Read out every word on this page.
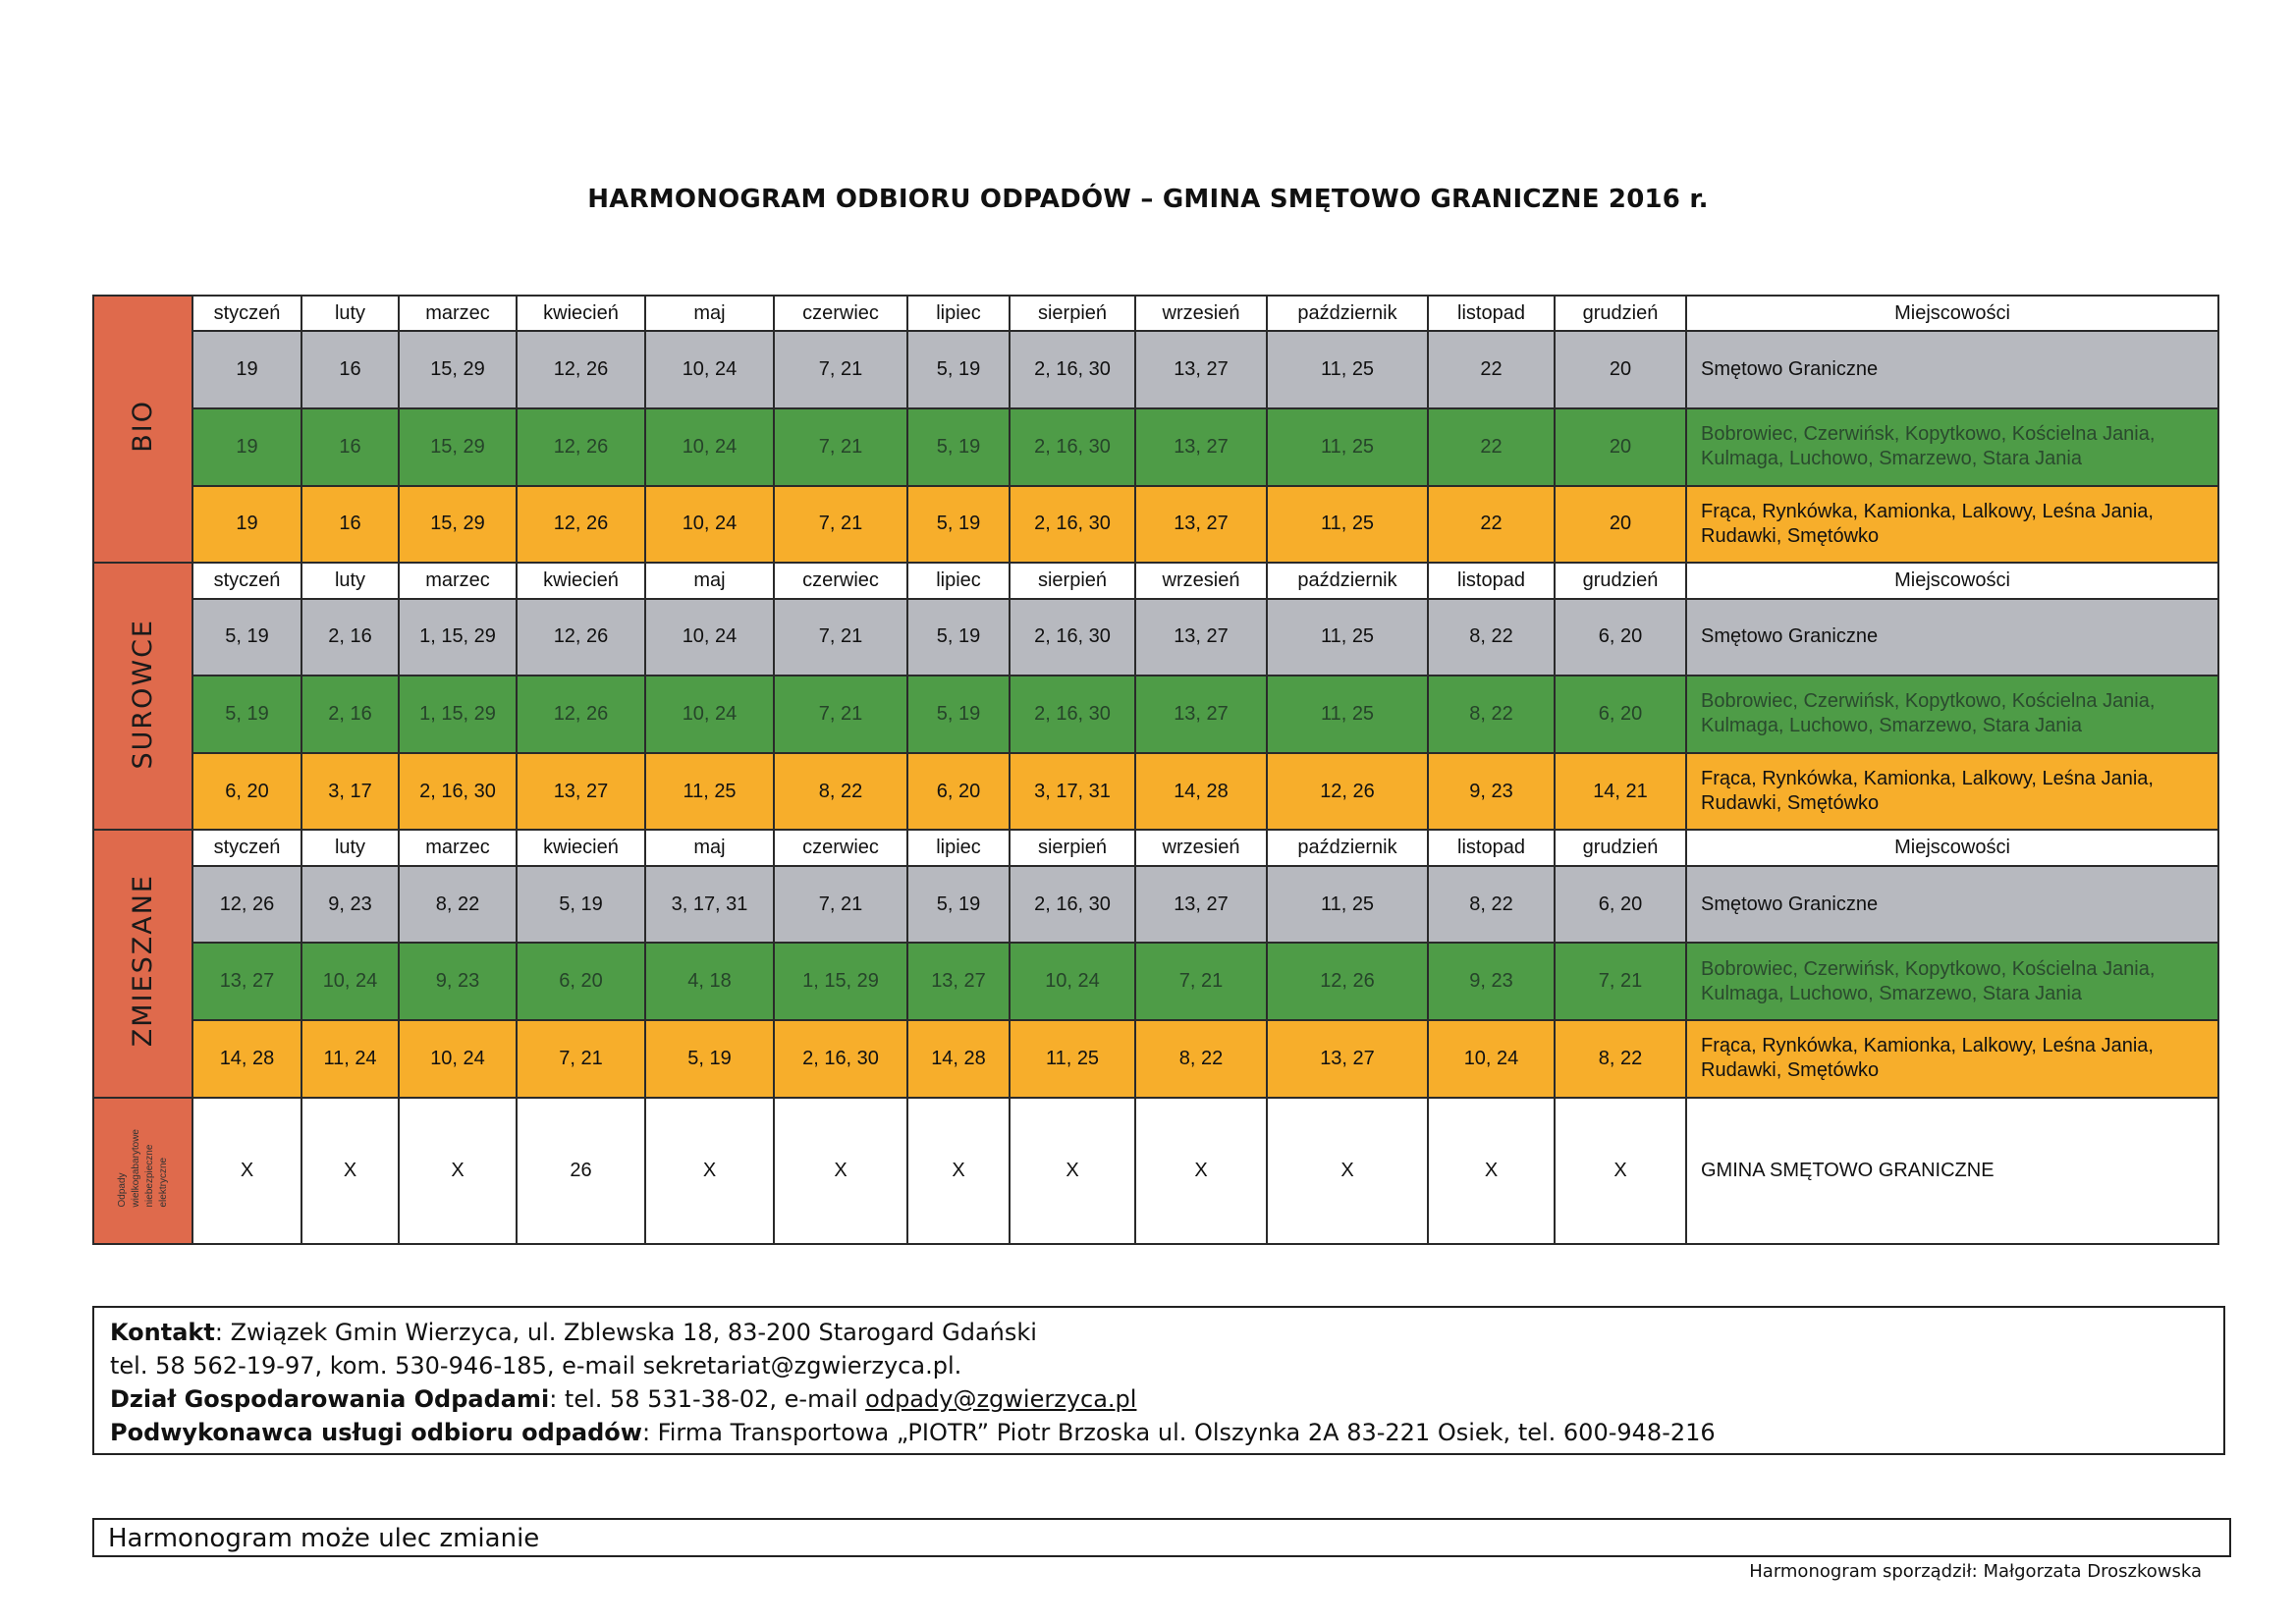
HARMONOGRAM ODBIORU ODPADÓW – GMINA SMĘTOWO GRANICZNE 2016 r.
BIO	styczeń	luty	marzec	kwiecień	maj	czerwiec	lipiec	sierpień	wrzesień	październik	listopad	grudzień	Miejscowości
	19	16	15, 29	12, 26	10, 24	7, 21	5, 19	2, 16, 30	13, 27	11, 25	22	20	Smętowo Graniczne
	19	16	15, 29	12, 26	10, 24	7, 21	5, 19	2, 16, 30	13, 27	11, 25	22	20	Bobrowiec, Czerwińsk, Kopytkowo, Kościelna Jania, Kulmaga, Luchowo, Smarzewo, Stara Jania
	19	16	15, 29	12, 26	10, 24	7, 21	5, 19	2, 16, 30	13, 27	11, 25	22	20	Frąca, Rynkówka, Kamionka, Lalkowy, Leśna Jania, Rudawki, Smętówko
SUROWCE	styczeń	luty	marzec	kwiecień	maj	czerwiec	lipiec	sierpień	wrzesień	październik	listopad	grudzień	Miejscowości
	5, 19	2, 16	1, 15, 29	12, 26	10, 24	7, 21	5, 19	2, 16, 30	13, 27	11, 25	8, 22	6, 20	Smętowo Graniczne
	5, 19	2, 16	1, 15, 29	12, 26	10, 24	7, 21	5, 19	2, 16, 30	13, 27	11, 25	8, 22	6, 20	Bobrowiec, Czerwińsk, Kopytkowo, Kościelna Jania, Kulmaga, Luchowo, Smarzewo, Stara Jania
	6, 20	3, 17	2, 16, 30	13, 27	11, 25	8, 22	6, 20	3, 17, 31	14, 28	12, 26	9, 23	14, 21	Frąca, Rynkówka, Kamionka, Lalkowy, Leśna Jania, Rudawki, Smętówko
ZMIESZANE	styczeń	luty	marzec	kwiecień	maj	czerwiec	lipiec	sierpień	wrzesień	październik	listopad	grudzień	Miejscowości
	12, 26	9, 23	8, 22	5, 19	3, 17, 31	7, 21	5, 19	2, 16, 30	13, 27	11, 25	8, 22	6, 20	Smętowo Graniczne
	13, 27	10, 24	9, 23	6, 20	4, 18	1, 15, 29	13, 27	10, 24	7, 21	12, 26	9, 23	7, 21	Bobrowiec, Czerwińsk, Kopytkowo, Kościelna Jania, Kulmaga, Luchowo, Smarzewo, Stara Jania
	14, 28	11, 24	10, 24	7, 21	5, 19	2, 16, 30	14, 28	11, 25	8, 22	13, 27	10, 24	8, 22	Frąca, Rynkówka, Kamionka, Lalkowy, Leśna Jania, Rudawki, Smętówko
Odpady wielkogabarytowe niebezpieczne elektryczne	X	X	X	26	X	X	X	X	X	X	X	X	GMINA SMĘTOWO GRANICZNE
Kontakt: Związek Gmin Wierzyca, ul. Zblewska 18, 83-200 Starogard Gdański
tel. 58 562-19-97, kom. 530-946-185, e-mail sekretariat@zgwierzyca.pl.
Dział Gospodarowania Odpadami: tel. 58 531-38-02, e-mail odpady@zgwierzyca.pl
Podwykonawca usługi odbioru odpadów: Firma Transportowa „PIOTR” Piotr Brzoska ul. Olszynka 2A 83-221 Osiek, tel. 600-948-216
Harmonogram może ulec zmianie
Harmonogram sporządził: Małgorzata Droszkowska
